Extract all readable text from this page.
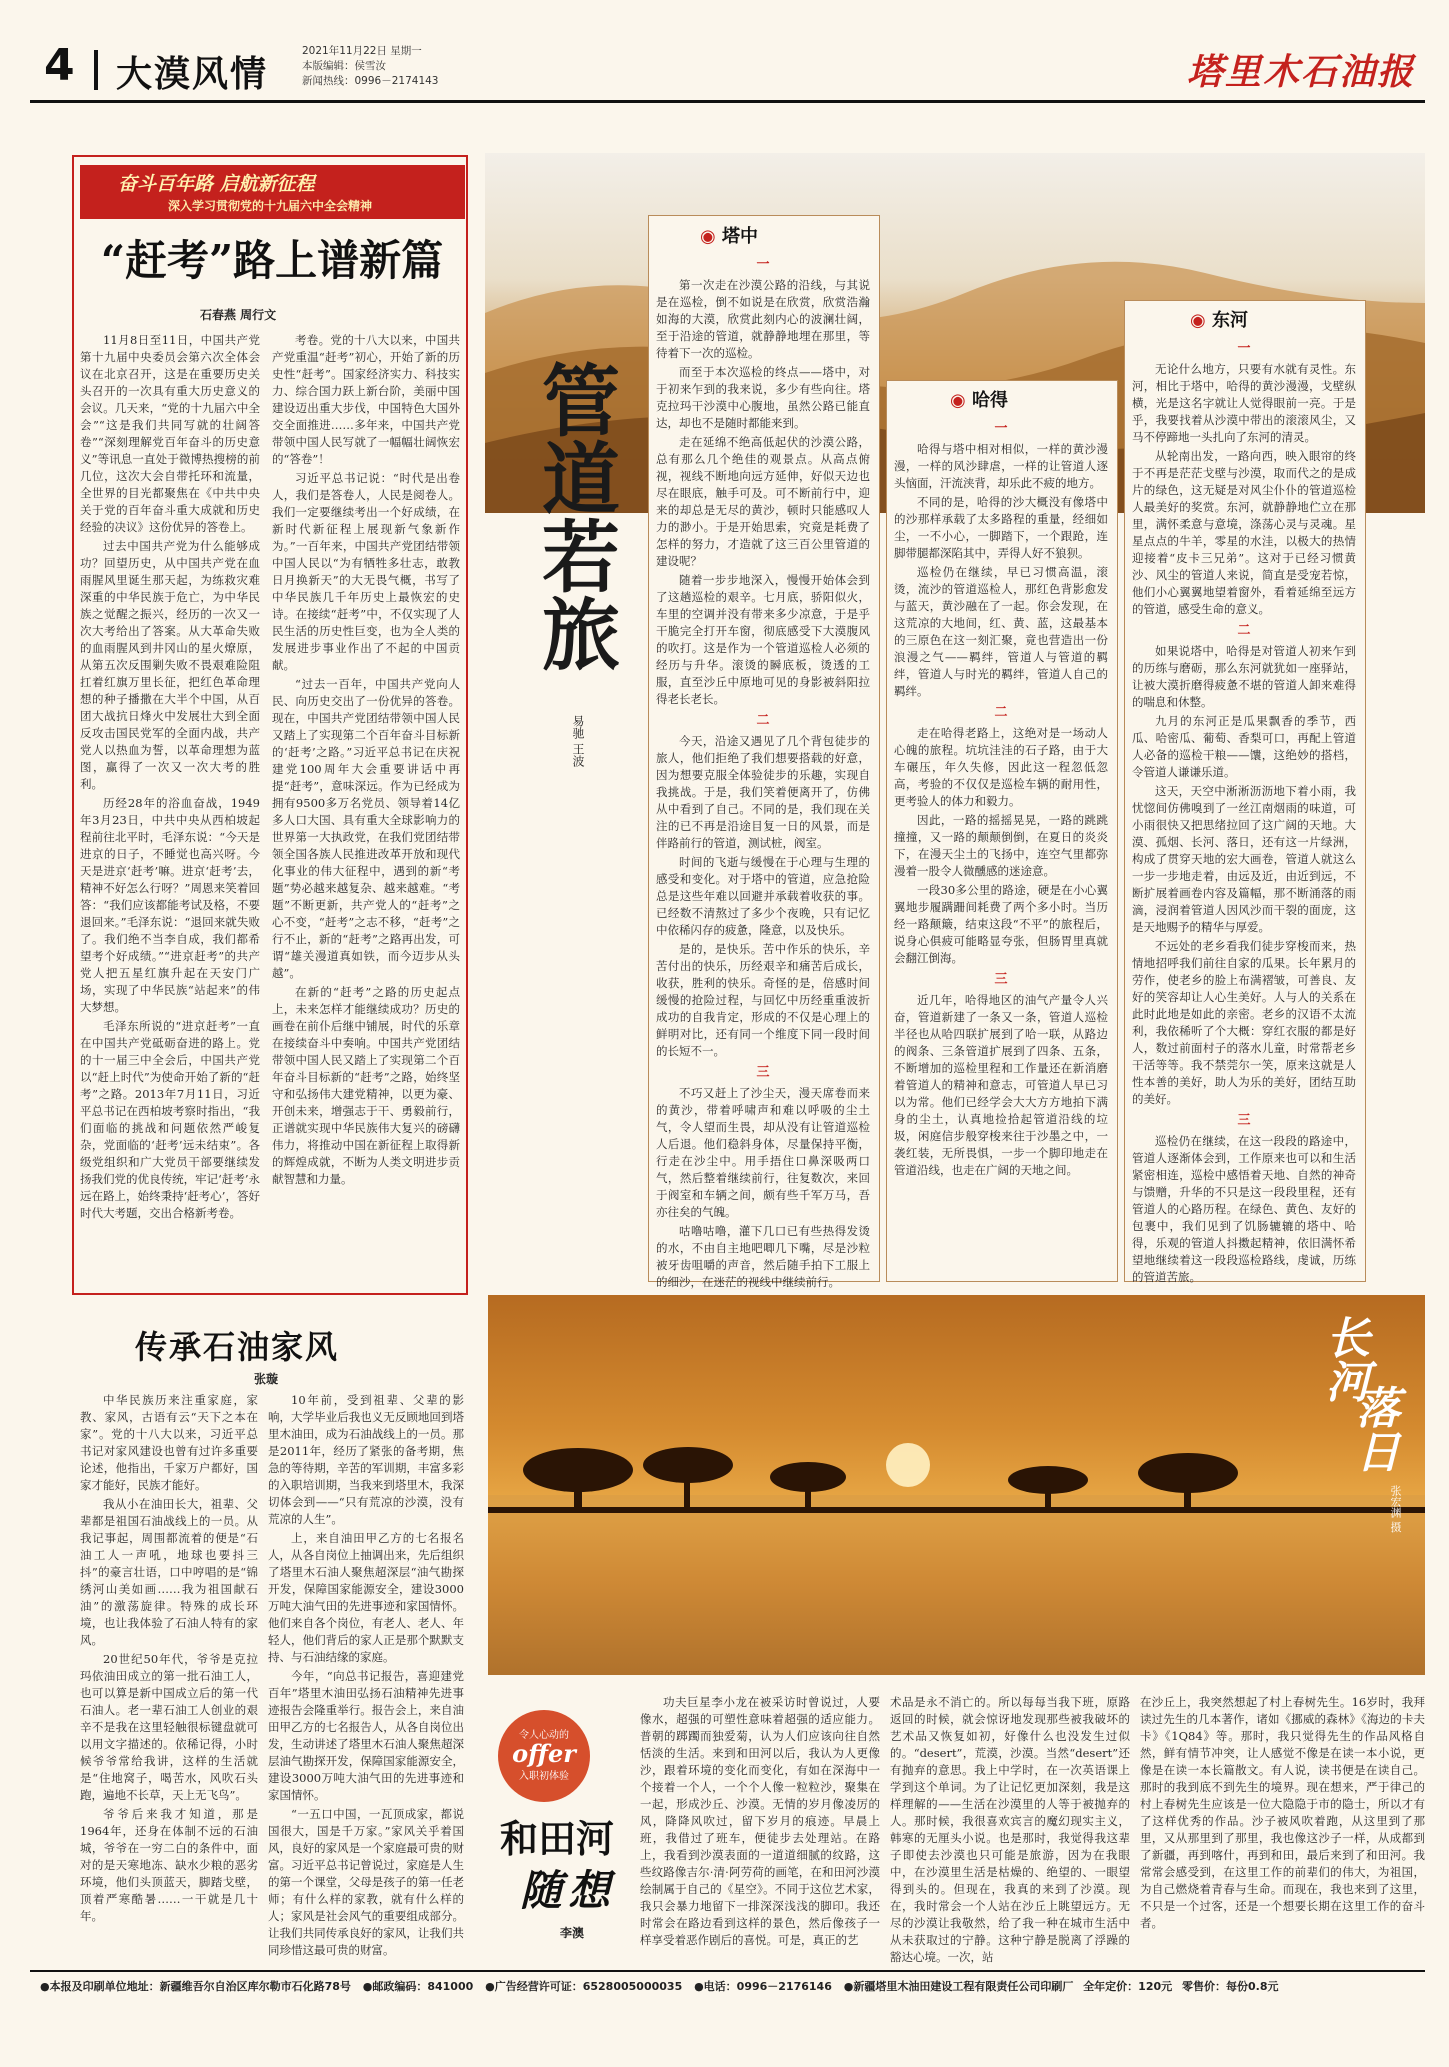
4 大漠风情
2021年11月22日 星期一
本版编辑：侯雪汝
新闻热线：0996－2174143	塔里木石油报
奋斗百年路 启航新征程
深入学习贯彻党的十九届六中全会精神
“赶考”路上谱新篇
石春燕 周行文

11月8日至11日，中国共产党第十九届中央委员会第六次全体会议在北京召开，这是在重要历史关头召开的一次具有重大历史意义的会议。几天来，“党的十九届六中全会”“这是我们共同写就的壮阔答卷”“深刻理解党百年奋斗的历史意义”等讯息一直处于微博热搜榜的前几位，这次大会自带托环和流量，全世界的目光都聚焦在《中共中央关于党的百年奋斗重大成就和历史经验的决议》这份优异的答卷上。

过去中国共产党为什么能够成功？回望历史，从中国共产党在血雨腥风里诞生那天起，为练救灾难深重的中华民族于危亡，为中华民族之觉醒之振兴，经历的一次又一次大考给出了答案。从大革命失败的血雨腥风到井冈山的星火燎原，从第五次反围剿失败不畏艰难险阻扛着红旗万里长征，把红色革命理想的种子播撒在大半个中国，从百团大战抗日烽火中发展壮大到全面反攻击国民党军的全面内战，共产党人以热血为誓，以革命理想为蓝图，赢得了一次又一次大考的胜利。

历经28年的浴血奋战，1949年3月23日，中共中央从西柏坡起程前往北平时，毛泽东说：“今天是进京的日子，不睡觉也高兴呀。今天是进京‘赶考’嘛。进京‘赶考’去，精神不好怎么行呀？”周恩来笑着回答：“我们应该都能考试及格，不要退回来。”毛泽东说：“退回来就失败了。我们绝不当李自成，我们都希望考个好成绩。”“进京赶考”的共产党人把五星红旗升起在天安门广场，实现了中华民族“站起来”的伟大梦想。

毛泽东所说的“进京赶考”一直在中国共产党砥砺奋进的路上。党的十一届三中全会后，中国共产党以“赶上时代”为使命开始了新的“赶考”之路。2013年7月11日，习近平总书记在西柏坡考察时指出，“我们面临的挑战和问题依然严峻复杂，党面临的‘赶考’远未结束”。各级党组织和广大党员干部要继续发扬我们党的优良传统，牢记‘赶考’永远在路上，始终秉持‘赶考心’，答好时代大考题，交出合格新考卷。

考卷。党的十八大以来，中国共产党重温“赶考”初心，开始了新的历史性“赶考”。国家经济实力、科技实力、综合国力跃上新台阶，美丽中国建设迈出重大步伐，中国特色大国外交全面推进……多年来，中国共产党带领中国人民写就了一幅幅壮阔恢宏的“答卷”！

习近平总书记说：“时代是出卷人，我们是答卷人，人民是阅卷人。我们一定要继续考出一个好成绩，在新时代新征程上展现新气象新作为。”一百年来，中国共产党团结带领中国人民以“为有牺牲多壮志，敢教日月换新天”的大无畏气概，书写了中华民族几千年历史上最恢宏的史诗。在接续“赶考”中，不仅实现了人民生活的历史性巨变，也为全人类的发展进步事业作出了不起的中国贡献。

“过去一百年，中国共产党向人民、向历史交出了一份优异的答卷。现在，中国共产党团结带领中国人民又踏上了实现第二个百年奋斗目标新的‘赶考’之路。”习近平总书记在庆祝建党100周年大会重要讲话中再提“赶考”，意味深远。作为已经成为拥有9500多万名党员、领导着14亿多人口大国、具有重大全球影响力的世界第一大执政党，在我们党团结带领全国各族人民推进改革开放和现代化事业的伟大征程中，遇到的新“考题”势必越来越复杂、越来越难。“考题”不断更新，共产党人的“赶考”之心不变，“赶考”之志不移，“赶考”之行不止，新的“赶考”之路再出发，可谓“雄关漫道真如铁，而今迈步从头越”。

在新的“赶考”之路的历史起点上，未来怎样才能继续成功？历史的画卷在前仆后继中铺展，时代的乐章在接续奋斗中奏响。中国共产党团结带领中国人民又踏上了实现第二个百年奋斗目标新的“赶考”之路，始终坚守和弘扬伟大建党精神，以更为豪、开创未来，增强志于干、勇毅前行，正谱就实现中华民族伟大复兴的磅礴伟力，将推动中国在新征程上取得新的辉煌成就，不断为人类文明进步贡献智慧和力量。

管道若旅
易驰 王波
◉ 塔中
一

第一次走在沙漠公路的沿线，与其说是在巡检，倒不如说是在欣赏，欣赏浩瀚如海的大漠，欣赏此刻内心的波澜壮阔，至于沿途的管道，就静静地埋在那里，等待着下一次的巡检。

而至于本次巡检的终点——塔中，对于初来乍到的我来说，多少有些向往。塔克拉玛干沙漠中心腹地，虽然公路已能直达，却也不是随时都能来到。

走在延绵不绝高低起伏的沙漠公路，总有那么几个绝佳的观景点。从高点俯视，视线不断地向远方延伸，好似天边也尽在眼底，触手可及。可不断前行中，迎来的却总是无尽的黄沙，顿时只能感叹人力的渺小。于是开始思索，究竟是耗费了怎样的努力，才造就了这三百公里管道的建设呢？

随着一步步地深入，慢慢开始体会到了这趟巡检的艰辛。七月底，骄阳似火，车里的空调并没有带来多少凉意，于是乎干脆完全打开车窗，彻底感受下大漠腹风的吹打。这是作为一个管道巡检人必须的经历与升华。滚烫的瞬底板，烫透的工服，直至沙丘中原地可见的身影被斜阳拉得老长老长。

二

今天，沿途又遇见了几个背包徒步的旅人，他们拒绝了我们想要搭载的好意，因为想要克服全体验徒步的乐趣，实现自我挑战。于是，我们笑着便离开了，仿佛从中看到了自己。不同的是，我们现在关注的已不再是沿途目复一日的风景，而是伴路前行的管道，测试桩，阀室。

时间的飞逝与缓慢在于心理与生理的感受和变化。对于塔中的管道，应急抢险总是这些年难以回避并承载着收获的事。已经数不清熬过了多少个夜晚，只有记忆中依稀闪存的疲惫，隆意，以及快乐。

是的，是快乐。苦中作乐的快乐，辛苦付出的快乐，历经艰辛和痛苦后成长，收获，胜利的快乐。奇怪的是，倍感时间缓慢的抢险过程，与回忆中历经重重波折成功的自我肯定，形成的不仅是心理上的鲜明对比，还有同一个维度下同一段时间的长短不一。

三

不巧又赶上了沙尘天，漫天席卷而来的黄沙，带着呼啸声和难以呼吸的尘土气，令人望而生畏，却从没有让管道巡检人后退。他们稳斜身体，尽量保持平衡，行走在沙尘中。用手捂住口鼻深吸两口气，然后整着继续前行，往复数次，来回于阀室和车辆之间，颇有些千军万马，吾亦往矣的气魄。

咕噜咕噜，灌下几口已有些热得发烫的水，不由自主地吧唧几下嘴，尽是沙粒被牙齿咀嚼的声音，然后随手拍下工服上的细沙，在迷茫的视线中继续前行。

◉ 哈得
一

哈得与塔中相对相似，一样的黄沙漫漫，一样的风沙肆虐，一样的让管道人逐头恼面，汗流浃背，却乐此不疲的地方。

不同的是，哈得的沙大概没有像塔中的沙那样承载了太多路程的重量，经细如尘，一不小心，一脚踏下，一个跟跄，连脚带腿都深陷其中，弄得人好不狼狈。

巡检仍在继续，早已习惯高温，滚烫，流沙的管道巡检人，那红色背影愈发与蓝天，黄沙融在了一起。你会发现，在这荒凉的大地间，红、黄、蓝，这最基本的三原色在这一刻汇聚，竟也营造出一份浪漫之气——羁绊，管道人与管道的羁绊，管道人与时光的羁绊，管道人自己的羁绊。

二

走在哈得老路上，这绝对是一场动人心魄的旅程。坑坑洼洼的石子路，由于大车碾压，年久失修，因此这一程忽低忽高，考验的不仅仅是巡检车辆的耐用性，更考验人的体力和毅力。

因此，一路的摇摇晃晃，一路的跳跳撞撞，又一路的颠颠倒倒，在夏日的炎炎下，在漫天尘土的飞扬中，连空气里都弥漫着一股令人微醺感的迷途意。

一段30多公里的路途，硬是在小心翼翼地步履蹒跚间耗费了两个多小时。当历经一路颠簸，结束这段“不平”的旅程后，说身心俱疲可能略显夸张，但肠胃里真就会翻江倒海。

三

近几年，哈得地区的油气产量令人兴奋，管道新建了一条又一条，管道人巡检半径也从哈四联扩展到了哈一联，从路边的阀条、三条管道扩展到了四条、五条，不断增加的巡检里程和工作量还在新消磨着管道人的精神和意志，可管道人早已习以为常。他们已经学会大大方方地拍下满身的尘土，认真地捡拾起管道沿线的垃圾，闲庭信步般穿梭来往于沙墨之中，一袭红装，无所畏惧，一步一个脚印地走在管道沿线，也走在广阔的天地之间。

◉ 东河
一

无论什么地方，只要有水就有灵性。东河，相比于塔中，哈得的黄沙漫漫，戈壁纵横，光是这名字就让人觉得眼前一亮。于是乎，我要找着从沙漠中带出的滚滚风尘，又马不停蹄地一头扎向了东河的清灵。

从轮南出发，一路向西，映入眼帘的终于不再是茫茫戈壁与沙漠，取而代之的是成片的绿色，这无疑是对风尘仆仆的管道巡检人最美好的奖赏。东河，就静静地伫立在那里，满怀柔意与意境，涤荡心灵与灵魂。星星点点的牛羊，零星的水洼，以极大的热情迎接着“皮卡三兄弟”。这对于已经习惯黄沙、风尘的管道人来说，简直是受宠若惊，他们小心翼翼地望着窗外，看着延绵至远方的管道，感受生命的意义。

二

如果说塔中，哈得是对管道人初来乍到的历练与磨砺，那么东河就犹如一座驿站，让被大漠折磨得疲惫不堪的管道人卸来难得的喘息和休整。

九月的东河正是瓜果飘香的季节，西瓜、哈密瓜、葡萄、香梨可口，再配上管道人必备的巡检干粮——馕，这绝妙的搭档，令管道人谦谦乐道。

这天，天空中淅淅沥沥地下着小雨，我忧惚间仿佛嗅到了一丝江南烟雨的味道，可小雨很快又把思绪拉回了这广阔的天地。大漠、孤烟、长河、落日，还有这一片绿洲，构成了贯穿天地的宏大画卷，管道人就这么一步一步地走着，由远及近，由近到远，不断扩展着画卷内容及篇幅，那不断涌落的雨滴，浸润着管道人因风沙而干裂的面庞，这是天地赐予的精华与厚爱。

不远处的老乡看我们徒步穿梭而来，热情地招呼我们前往自家的瓜果。长年累月的劳作，使老乡的脸上布满褶皱，可善良、友好的笑容却让人心生美好。人与人的关系在此时此地是如此的亲密。老乡的汉语不太流利，我依稀听了个大概：穿红衣服的都是好人，数过前面村子的落水儿童，时常帮老乡干活等等。我不禁莞尔一笑，原来这就是人性本善的美好，助人为乐的美好，团结互助的美好。

三

巡检仍在继续，在这一段段的路途中，管道人逐渐体会到，工作原来也可以和生活紧密相连，巡检中感悟着天地、自然的神奇与馈赠，升华的不只是这一段段里程，还有管道人的心路历程。在绿色、黄色、友好的包裹中，我们见到了饥肠辘辘的塔中、哈得，乐观的管道人抖擞起精神，依旧满怀希望地继续着这一段段巡检路线，虔诚，历练的管道苦旅。

传承石油家风
张璇

中华民族历来注重家庭，家教、家风，古语有云“天下之本在家”。党的十八大以来，习近平总书记对家风建设也曾有过许多重要论述，他指出，千家万户都好，国家才能好，民族才能好。

我从小在油田长大，祖辈、父辈都是祖国石油战线上的一员。从我记事起，周围都流着的便是“石油工人一声吼，地球也要抖三抖”的豪言壮语，口中哼唱的是“锦绣河山美如画……我为祖国献石油”的激荡旋律。特殊的成长环境，也让我体验了石油人特有的家风。

20世纪50年代，爷爷是克拉玛依油田成立的第一批石油工人，也可以算是新中国成立后的第一代石油人。老一辈石油工人创业的艰辛不是我在这里轻触很标键盘就可以用文字描述的。依稀记得，小时候爷爷常给我讲，这样的生活就是“住地窝子，喝苦水，风吹石头跑，遍地不长草，天上无飞鸟”。

爷爷后来我才知道，那是1964年，还身在体制不远的石油城，爷爷在一穷二白的条件中，面对的是天寒地冻、缺水少粮的恶劣环境，他们头顶蓝天，脚踏戈壁，顶着严寒酷暑……一干就是几十年。

10年前，受到祖辈、父辈的影响，大学毕业后我也义无反顾地回到塔里木油田，成为石油战线上的一员。那是2011年，经历了紧张的备考期，焦急的等待期，辛苦的军训期，丰富多彩的入职培训期，当我来到塔里木，我深切体会到——“只有荒凉的沙漠，没有荒凉的人生”。

上，来自油田甲乙方的七名报名人，从各自岗位上抽调出来，先后组织了塔里木石油人聚焦超深层“油气勘探开发，保障国家能源安全，建设3000万吨大油气田的先进事迹和家国情怀。他们来自各个岗位，有老人、老人、年轻人，他们背后的家人正是那个默默支持、与石油结缘的家庭。

今年，“向总书记报告，喜迎建党百年”塔里木油田弘扬石油精神先进事迹报告会隆重举行。报告会上，来自油田甲乙方的七名报告人，从各自岗位出发，生动讲述了塔里木石油人聚焦超深层油气勘探开发，保障国家能源安全，建设3000万吨大油气田的先进事迹和家国情怀。

“一五口中国，一瓦顶成家，都说国很大，国是千万家。”家风关乎着国风，良好的家风是一个家庭最可贵的财富。习近平总书记曾说过，家庭是人生的第一个课堂，父母是孩子的第一任老师；有什么样的家教，就有什么样的人；家风是社会风气的重要组成部分。让我们共同传承良好的家风，让我们共同珍惜这最可贵的财富。

长河
落日
张宏渊 摄
令人心动的
offer
入职初体验
和田河
随想
李澳

功夫巨星李小龙在被采访时曾说过，人要像水，超强的可塑性意味着超强的适应能力。普朝的踯躅而独爱菊，认为人们应该向往自然恬淡的生活。来到和田河以后，我认为人更像沙，跟着环境的变化而变化，有如在深海中一个接着一个人，一个个人像一粒粒沙，聚集在一起，形成沙丘、沙漠。无情的岁月像凌厉的风，降降风吹过，留下岁月的痕迹。早晨上班，我借过了班车，便徒步去处理站。在路上，我看到沙漠表面的一道道细腻的纹路，这些纹路像吉尔·清·阿劳荷的画笔，在和田河沙漠绘制属于自己的《星空》。不同于这位艺术家，我只会暴力地留下一排深深浅浅的脚印。我还时常会在路边看到这样的景色，然后像孩子一样享受着恶作剧后的喜悦。可是，真正的艺

术品是永不消亡的。所以每每当我下班，原路返回的时候，就会惊讶地发现那些被我破坏的艺术品又恢复如初，好像什么也没发生过似的。“desert”，荒漠，沙漠。当然“desert”还有抛弃的意思。我上中学时，在一次英语课上学到这个单词。为了让记忆更加深刻，我是这样理解的——生活在沙漠里的人等于被抛弃的人。那时候，我很喜欢宾言的魔幻现实主义，韩寒的无厘头小说。也是那时，我觉得我这辈子即使去沙漠也只可能是旅游，因为在我眼中，在沙漠里生活是枯燥的、绝望的、一眼望得到头的。但现在，我真的来到了沙漠。现在，我时常会一个人站在沙丘上眺望远方。无尽的沙漠让我敬然，给了我一种在城市生活中从未获取过的宁静。这种宁静是脱离了浮躁的豁达心境。一次，站

在沙丘上，我突然想起了村上春树先生。16岁时，我拜读过先生的几本著作，诸如《挪威的森林》《海边的卡夫卡》《1Q84》等。那时，我只觉得先生的作品风格自然，鲜有情节冲突，让人感觉不像是在读一本小说，更像是在读一本长篇散文。有人说，读书便是在读自己。那时的我到底不到先生的境界。现在想来，严于律己的村上春树先生应该是一位大隐隐于市的隐士，所以才有了这样优秀的作品。沙子被风吹着跑，从这里到了那里，又从那里到了那里，我也像这沙子一样，从成都到了新疆，再到喀什，再到和田，最后来到了和田河。我常常会感受到，在这里工作的前辈们的伟大，为祖国，为自己燃烧着青春与生命。而现在，我也来到了这里，不只是一个过客，还是一个想要长期在这里工作的奋斗者。

●本报及印刷单位地址：新疆维吾尔自治区库尔勒市石化路78号 ●邮政编码：841000 ●广告经营许可证：6528005000035 ●电话：0996－2176146 ●新疆塔里木油田建设工程有限责任公司印刷厂 全年定价：120元 零售价：每份0.8元
